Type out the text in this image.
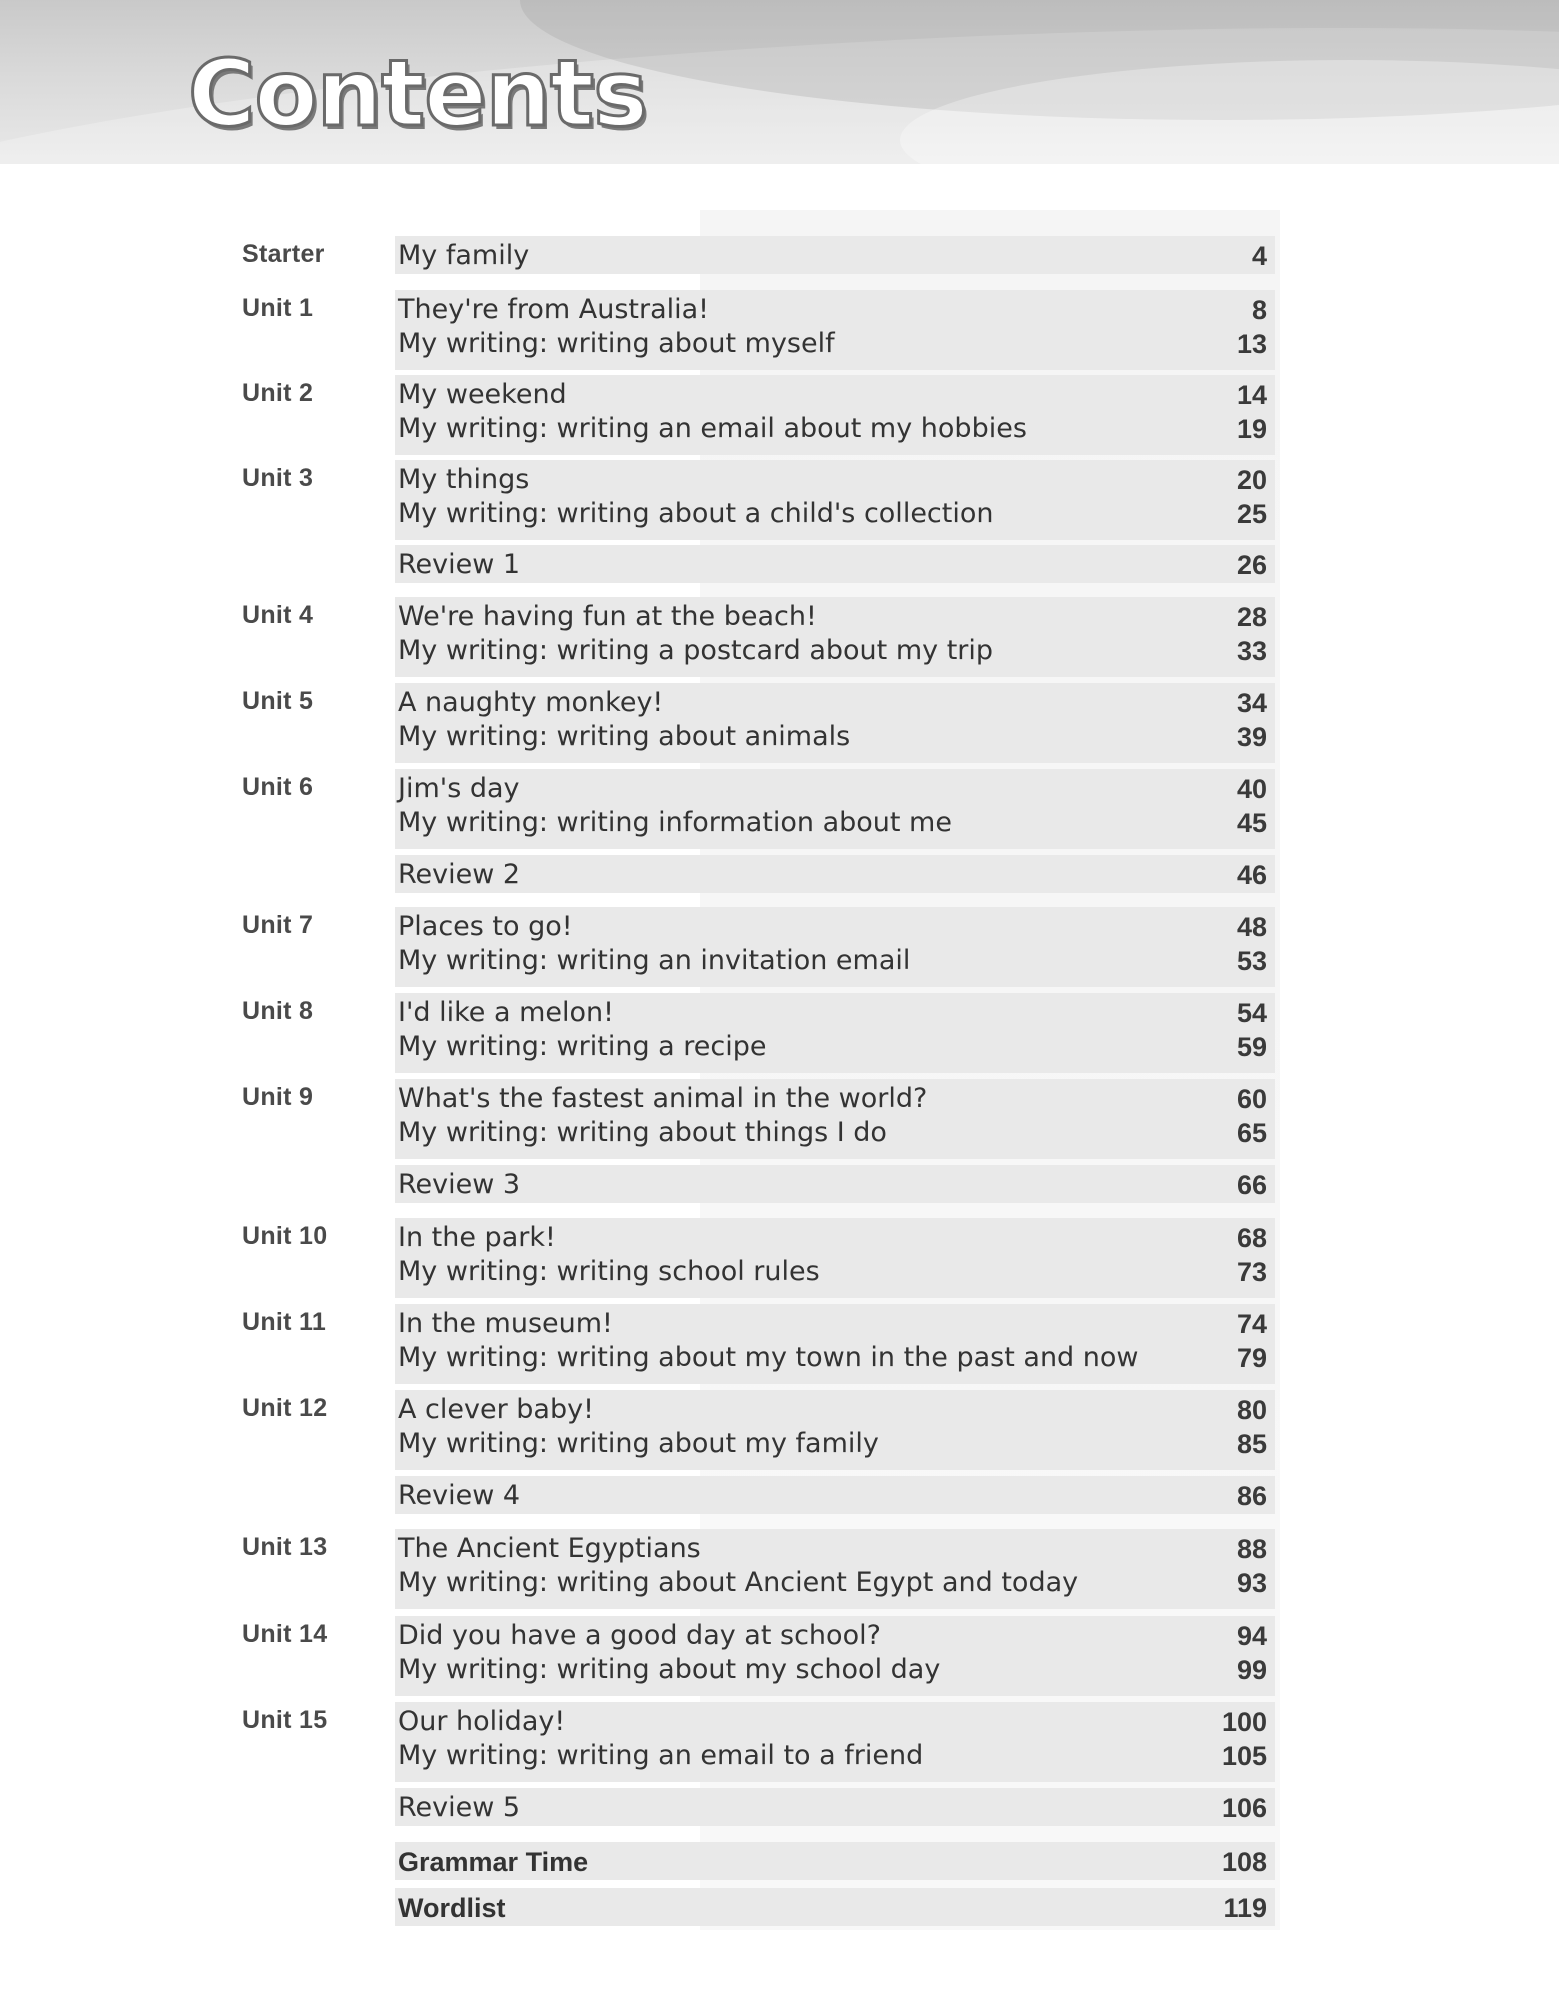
Contents
Starter	My family	4
Unit 1	They're from Australia!	8
My writing: writing about myself	13
Unit 2	My weekend	14
My writing: writing an email about my hobbies	19
Unit 3	My things	20
My writing: writing about a child's collection	25
Review 1	26
Unit 4	We're having fun at the beach!	28
My writing: writing a postcard about my trip	33
Unit 5	A naughty monkey!	34
My writing: writing about animals	39
Unit 6	Jim's day	40
My writing: writing information about me	45
Review 2	46
Unit 7	Places to go!	48
My writing: writing an invitation email	53
Unit 8	I'd like a melon!	54
My writing: writing a recipe	59
Unit 9	What's the fastest animal in the world?	60
My writing: writing about things I do	65
Review 3	66
Unit 10	In the park!	68
My writing: writing school rules	73
Unit 11	In the museum!	74
My writing: writing about my town in the past and now	79
Unit 12	A clever baby!	80
My writing: writing about my family	85
Review 4	86
Unit 13	The Ancient Egyptians	88
My writing: writing about Ancient Egypt and today	93
Unit 14	Did you have a good day at school?	94
My writing: writing about my school day	99
Unit 15	Our holiday!	100
My writing: writing an email to a friend	105
Review 5	106
Grammar Time	108
Wordlist	119
